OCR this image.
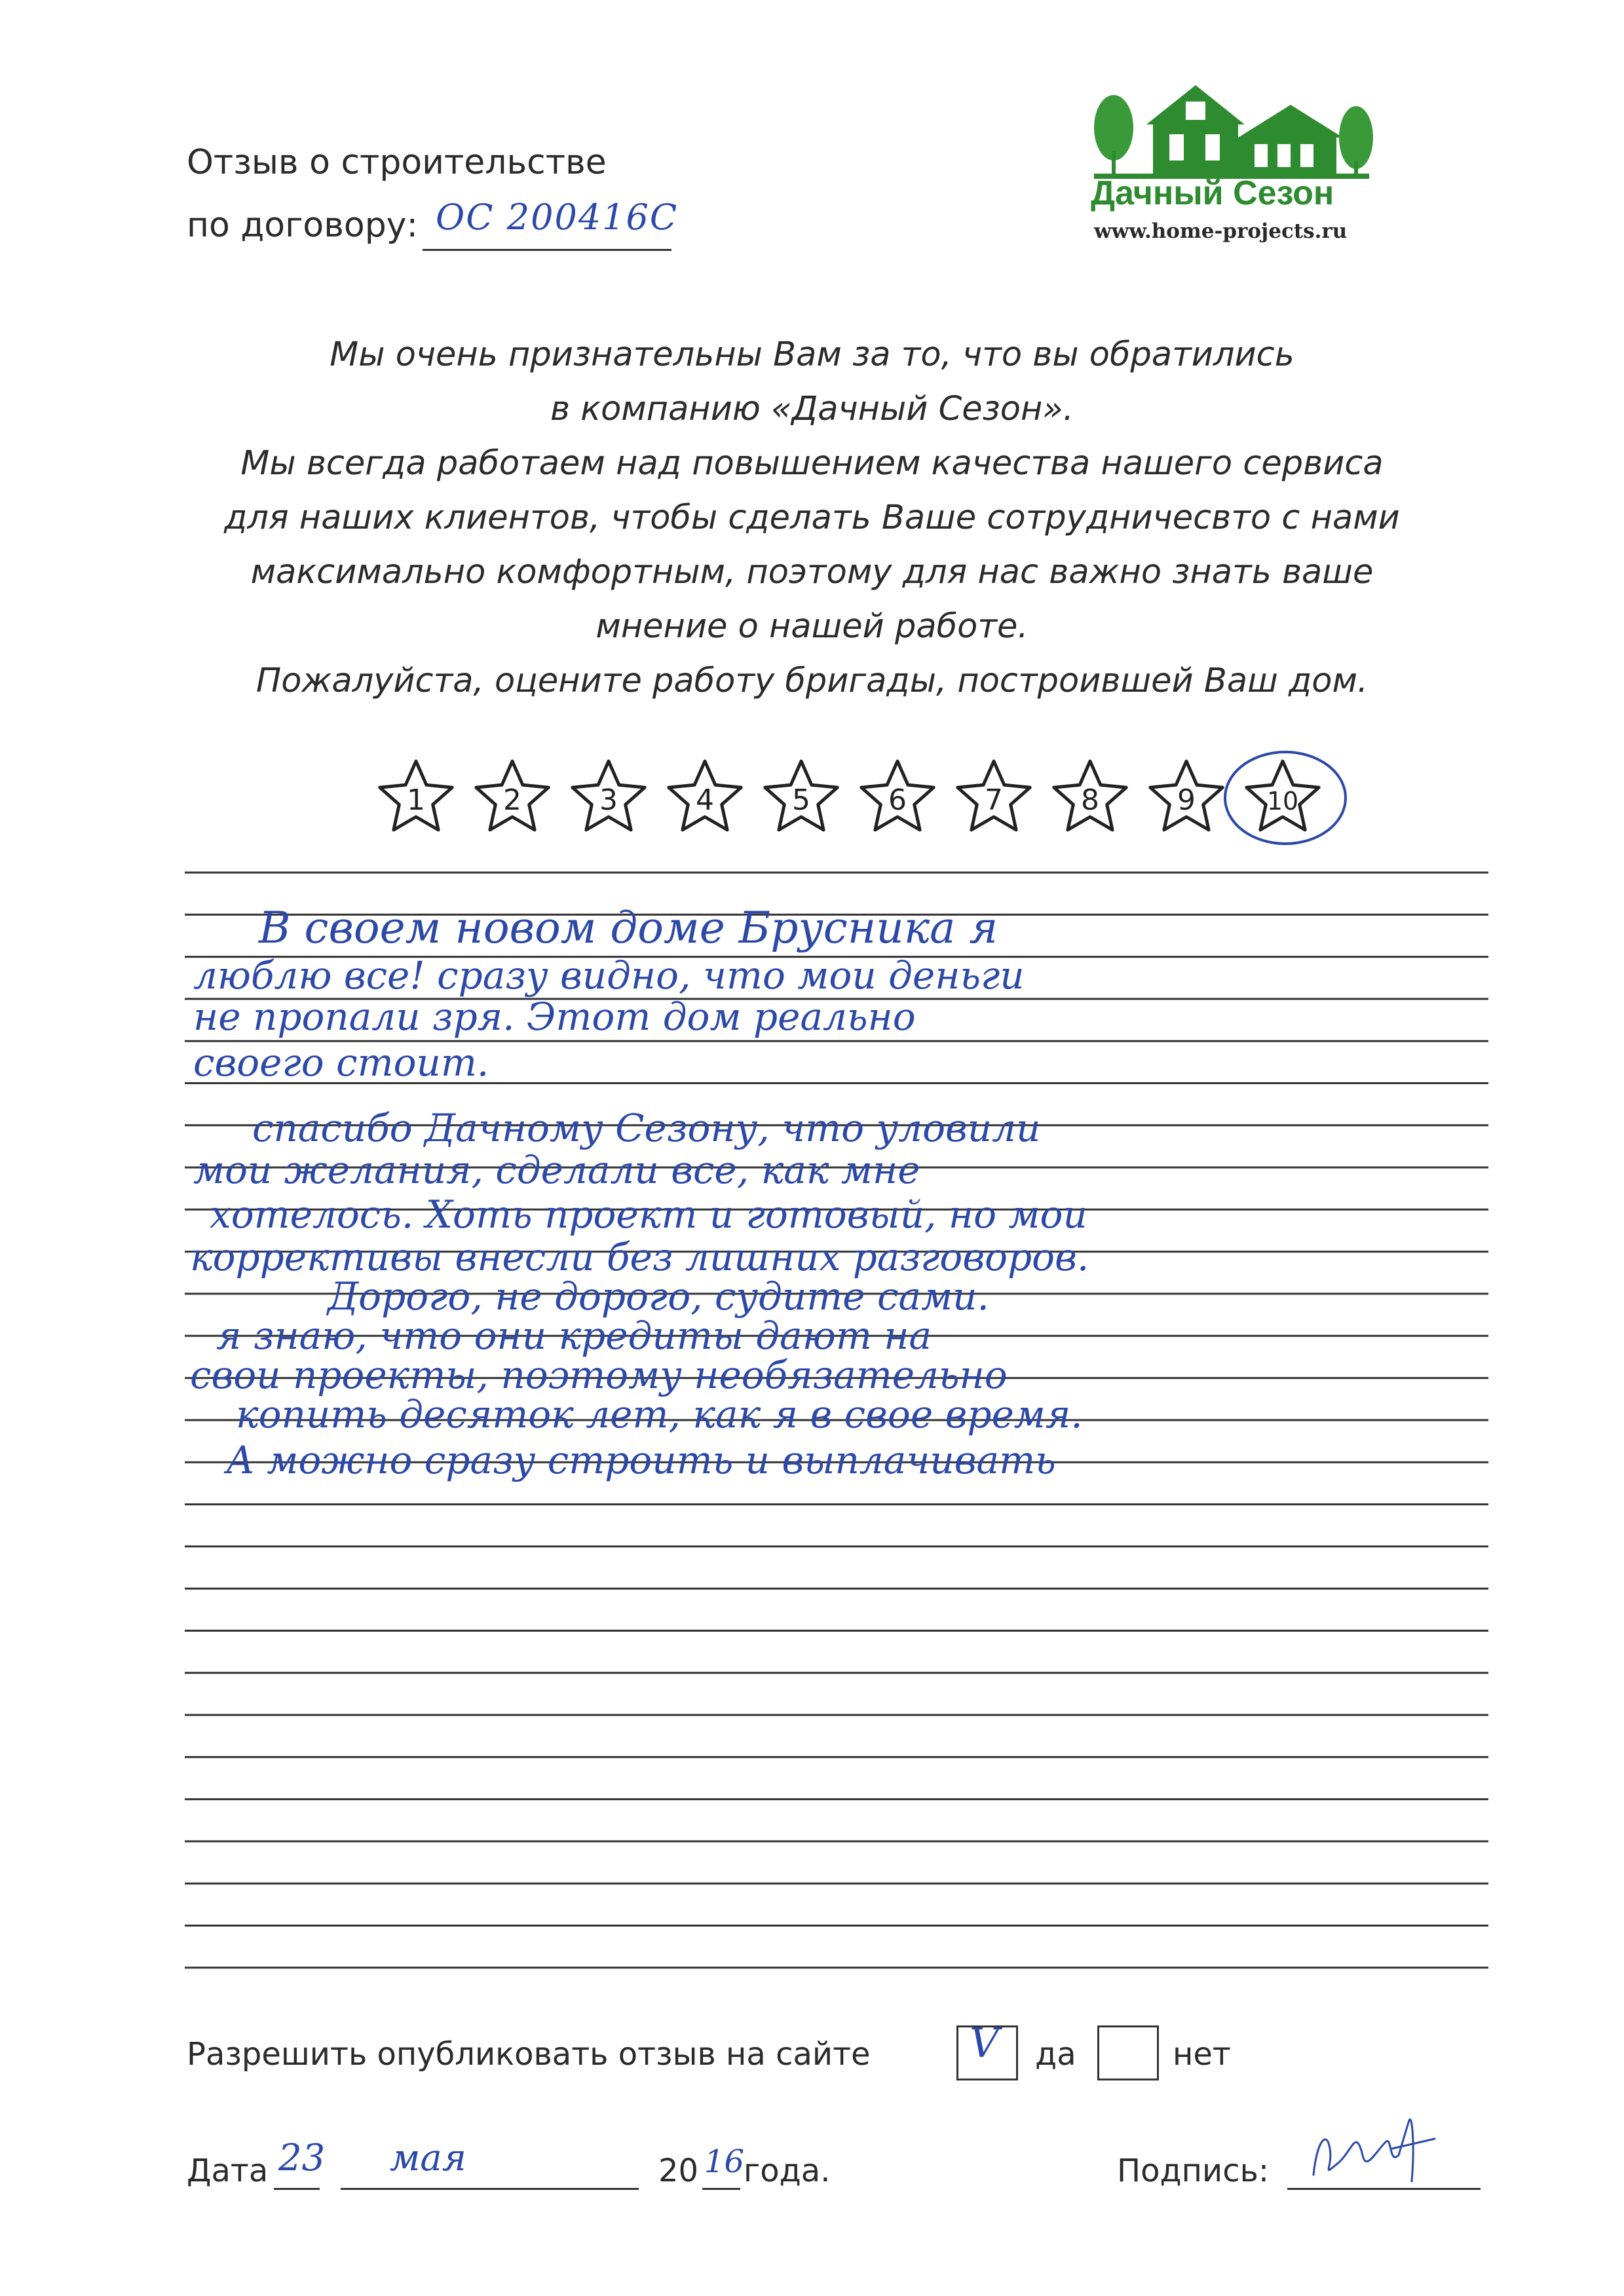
Отзыв о строительстве
по договору: ОС 200416С
Дачный Сезон
www.home-projects.ru
Мы очень признательны Вам за то, что вы обратились
в компанию «Дачный Сезон».
Мы всегда работаем над повышением качества нашего сервиса
для наших клиентов, чтобы сделать Ваше сотрудничесвто с нами
максимально комфортным, поэтому для нас важно знать ваше
мнение о нашей работе.
Пожалуйста, оцените работу бригады, построившей Ваш дом.
1	2	3	4	5	6	7	8	9	10
В своем новом доме Брусника я
люблю все! сразу видно, что мои деньги
не пропали зря. Этот дом реально
своего стоит.
спасибо Дачному Сезону, что уловили
мои желания, сделали все, как мне
хотелось. Хоть проект и готовый, но мои
коррективы внесли без лишних разговоров.
Дорого, не дорого, судите сами.
я знаю, что они кредиты дают на
свои проекты, поэтому необязательно
копить десяток лет, как я в свое время.
А можно сразу строить и выплачивать
Разрешить опубликовать отзыв на сайте V да	нет
Дата 23 мая	20 16
года.	Подпись:
